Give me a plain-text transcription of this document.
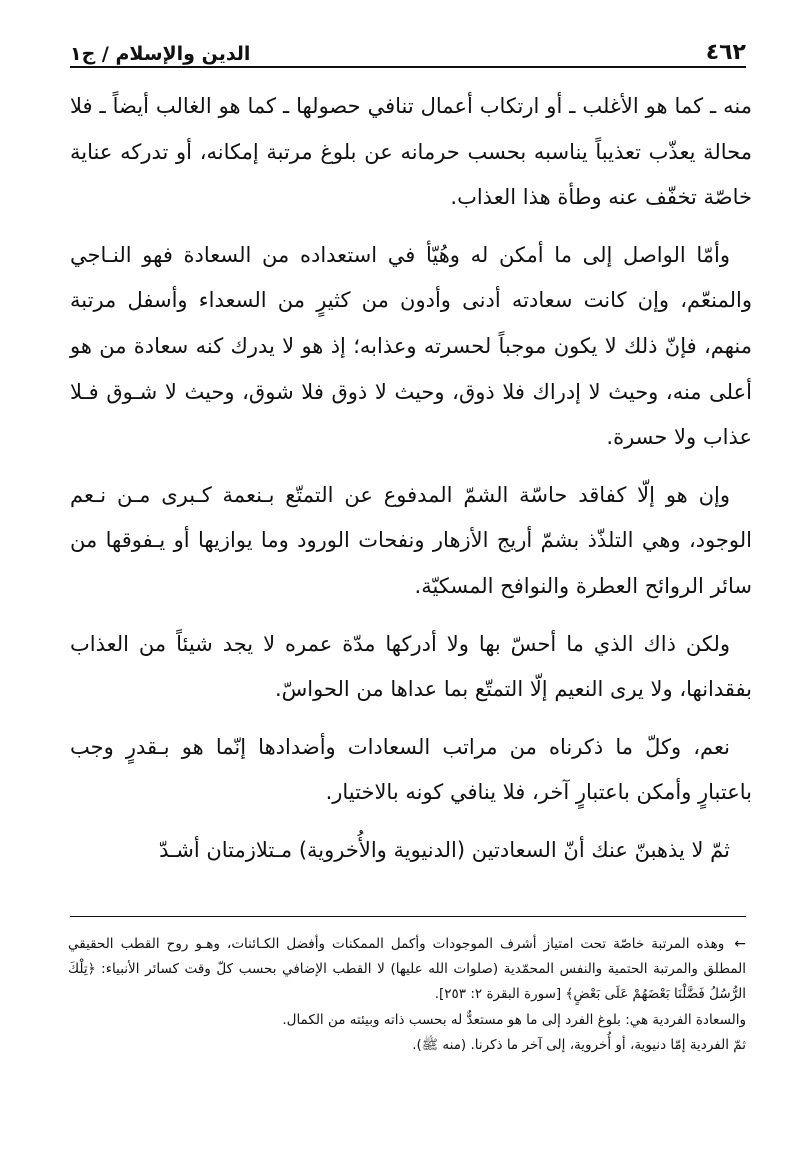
٤٦٢
الدين والإسلام / ج١

منه ـ كما هو الأغلب ـ أو ارتكاب أعمال تنافي حصولها ـ كما هو الغالب أيضاً ـ فلا محالة يعذّب تعذيباً يناسبه بحسب حرمانه عن بلوغ مرتبة إمكانه، أو تدركه عناية خاصّة تخفّف عنه وطأة هذا العذاب.

وأمّا الواصل إلى ما أمكن له وهُيّأ في استعداده من السعادة فهو النـاجي والمنعّم، وإن كانت سعادته أدنى وأدون من كثيرٍ من السعداء وأسفل مرتبة منهم، فإنّ ذلك لا يكون موجباً لحسرته وعذابه؛ إذ هو لا يدرك كنه سعادة من هو أعلى منه، وحيث لا إدراك فلا ذوق، وحيث لا ذوق فلا شوق، وحيث لا شـوق فـلا عذاب ولا حسرة.

وإن هو إلّا كفاقد حاسّة الشمّ المدفوع عن التمتّع بـنعمة كـبرى مـن نـعم الوجود، وهي التلذّذ بشمّ أريج الأزهار ونفحات الورود وما يوازيها أو يـفوقها من سائر الروائح العطرة والنوافح المسكيّة.

ولكن ذاك الذي ما أحسّ بها ولا أدركها مدّة عمره لا يجد شيئاً من العذاب بفقدانها، ولا يرى النعيم إلّا التمتّع بما عداها من الحواسّ.

نعم، وكلّ ما ذكرناه من مراتب السعادات وأضدادها إنّما هو بـقدرٍ وجب باعتبارٍ وأمكن باعتبارٍ آخر، فلا ينافي كونه بالاختيار.

ثمّ لا يذهبنّ عنك أنّ السعادتين (الدنيوية والأُخروية) مـتلازمتان أشـدّ

←وهذه المرتبة خاصّة تحت امتياز أشرف الموجودات وأكمل الممكنات وأفضل الكـائنات، وهـو روح القطب الحقيقي المطلق والمرتبة الحتمية والنفس المحمّدية (صلوات الله عليها) لا القطب الإضافي بحسب كلّ وقت كسائر الأنبياء: ﴿تِلْكَ الرُّسُلُ فَضَّلْنَا بَعْضَهُمْ عَلَى بَعْضٍ﴾ [سورة البقرة ٢: ٢٥٣].

والسعادة الفردية هي: بلوغ الفرد إلى ما هو مستعدٌّ له بحسب ذاته وبيئته من الكمال.

ثمّ الفردية إمّا دنيوية، أو أُخروية، إلى آخر ما ذكرنا. (منه ﷺ).
